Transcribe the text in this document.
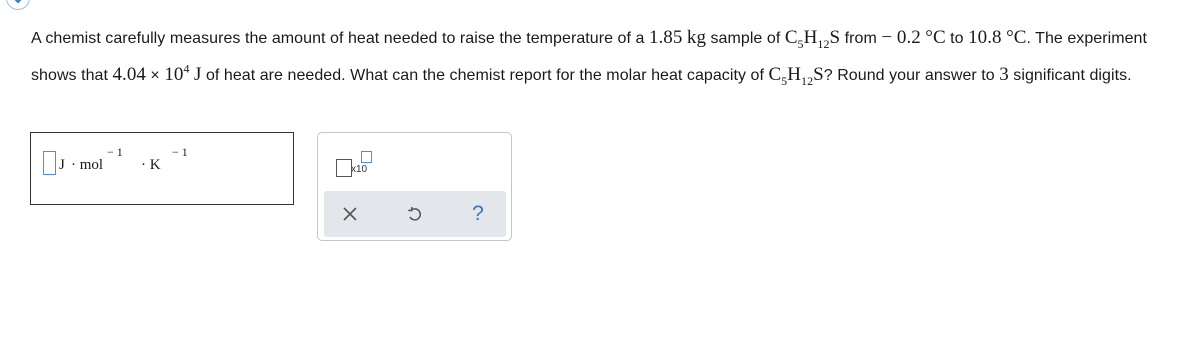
A chemist carefully measures the amount of heat needed to raise the temperature of a 1.85 kg sample of $C_5H_{12}S$ from − 0.2 °C to 10.8 °C. The experiment shows that $4.04 \times 10^4$ J of heat are needed. What can the chemist report for the molar heat capacity of $C_5H_{12}S$? Round your answer to 3 significant digits.
J · mol
− 1
· K
− 1
x10
?
